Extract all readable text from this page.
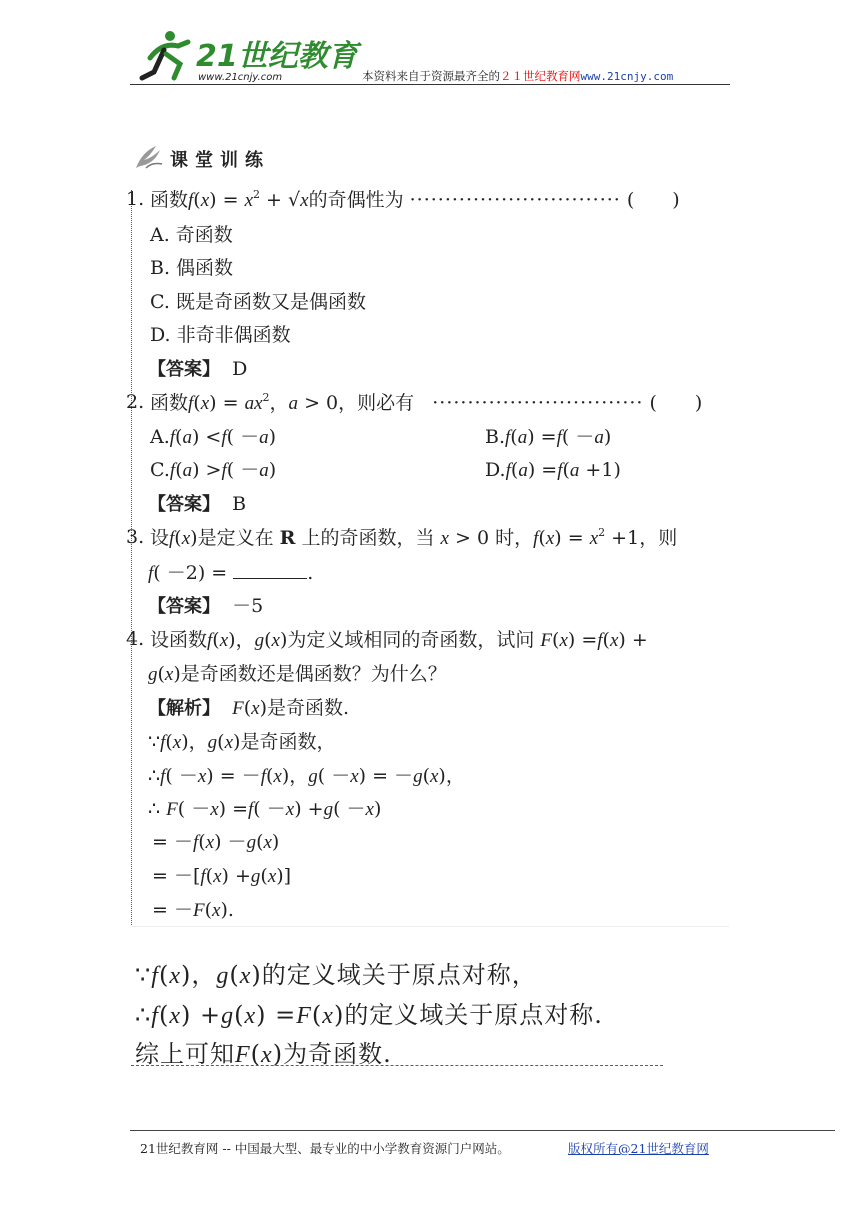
21世纪教育
www.21cnjy.com	本资料来自于资源最齐全的２１世纪教育网www.21cnjy.com
课堂训练
1. 函数$f(x) = x^2 + √x$的奇偶性为 ······························ (　　)
A. 奇函数
B. 偶函数
C. 既是奇函数又是偶函数
D. 非奇非偶函数
【答案】 D
2. 函数$f(x) = ax^2$，a > 0，则必有 ······························ (　　)
A.f(a) <f( －a)	B.f(a) =f( －a)
C.f(a) >f( －a)	D.f(a) =f(a +1)
【答案】 B
3. 设f(x)是定义在 R 上的奇函数，当 x > 0 时，$f(x) = x^2 +1$，则
f( －2) =	.
【答案】 －5
4. 设函数f(x)，g(x)为定义域相同的奇函数，试问 F(x) =f(x) +
g(x)是奇函数还是偶函数？为什么？
【解析】 F(x)是奇函数.
∵f(x)，g(x)是奇函数，
∴f( －x) = －f(x)，g( －x) = －g(x)，
∴ F( －x) =f( －x) +g( －x)
= －f(x) －g(x)
= －[f(x) +g(x)]
= －F(x).
∵f(x)，g(x)的定义域关于原点对称，
∴f(x) +g(x) =F(x)的定义域关于原点对称.
综上可知F(x)为奇函数.
21世纪教育网 -- 中国最大型、最专业的中小学教育资源门户网站。	版权所有@21世纪教育网
